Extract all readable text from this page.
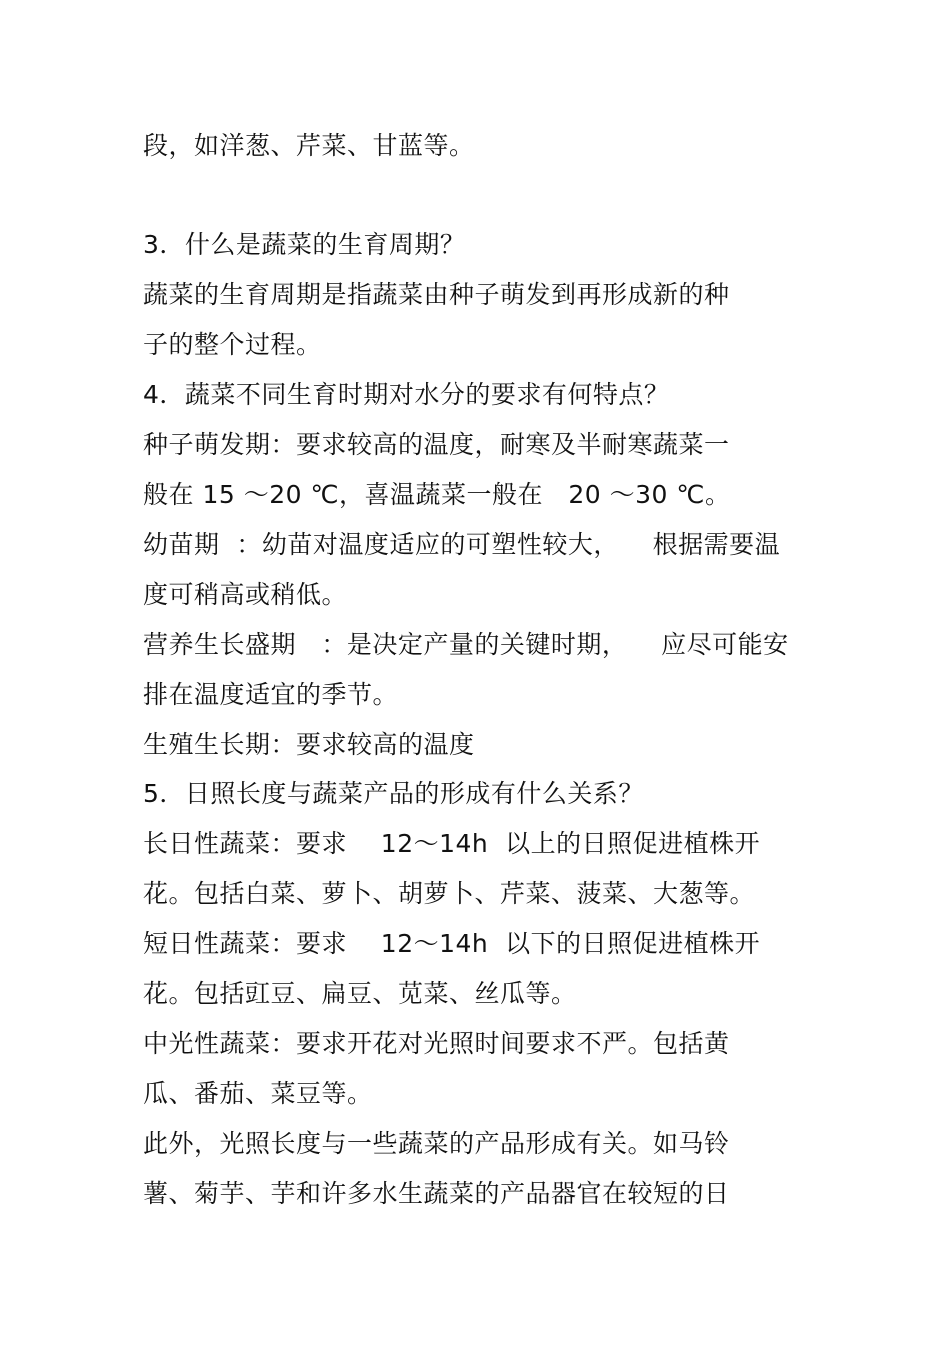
段，如洋葱、芹菜、甘蓝等。
3．什么是蔬菜的生育周期？
蔬菜的生育周期是指蔬菜由种子萌发到再形成新的种
子的整个过程。
4．蔬菜不同生育时期对水分的要求有何特点？
种子萌发期：要求较高的温度，耐寒及半耐寒蔬菜一
般在 15 ～20 ℃，喜温蔬菜一般在   20 ～30 ℃。
幼苗期  ：幼苗对温度适应的可塑性较大，    根据需要温
度可稍高或稍低。
营养生长盛期   ：是决定产量的关键时期，    应尽可能安
排在温度适宜的季节。
生殖生长期：要求较高的温度
5．日照长度与蔬菜产品的形成有什么关系？
长日性蔬菜：要求    12～14h  以上的日照促进植株开
花。包括白菜、萝卜、胡萝卜、芹菜、菠菜、大葱等。
短日性蔬菜：要求    12～14h  以下的日照促进植株开
花。包括豇豆、扁豆、苋菜、丝瓜等。
中光性蔬菜：要求开花对光照时间要求不严。包括黄
瓜、番茄、菜豆等。
此外，光照长度与一些蔬菜的产品形成有关。如马铃
薯、菊芋、芋和许多水生蔬菜的产品器官在较短的日
